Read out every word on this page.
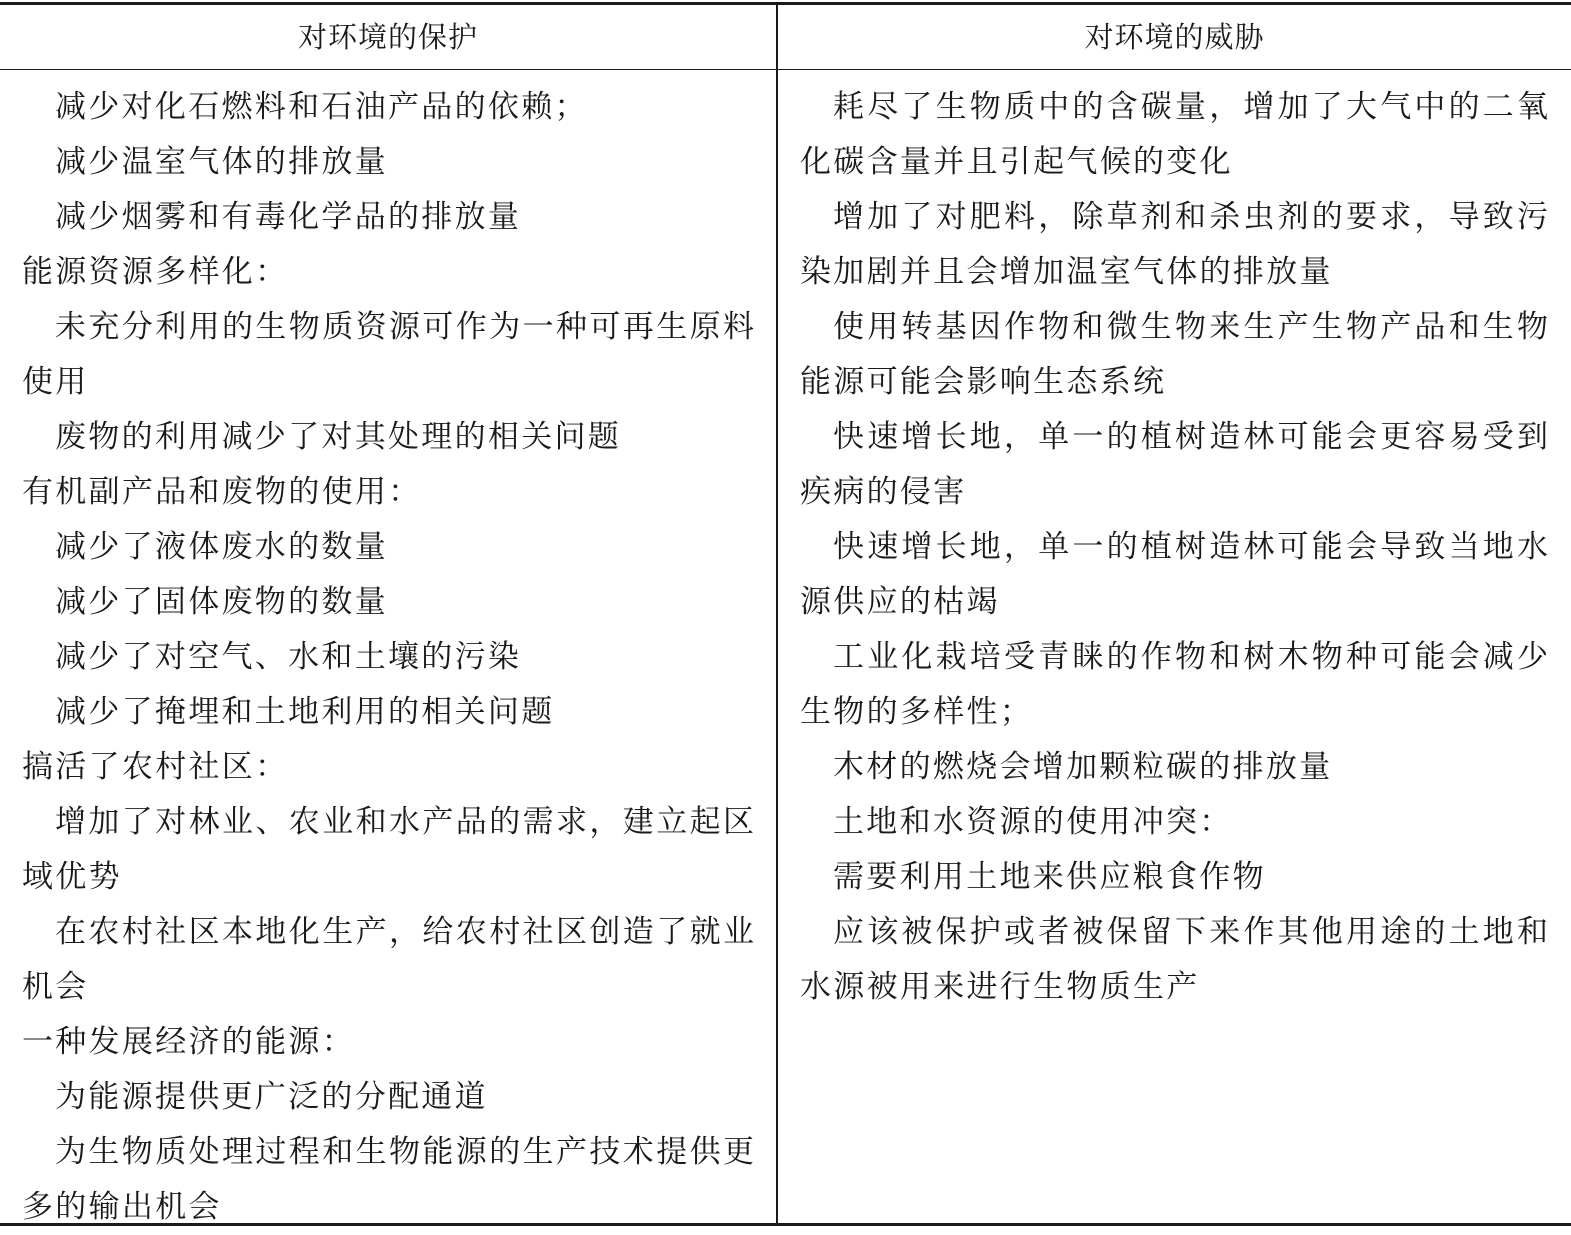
对环境的保护	对环境的威胁
减少对化石燃料和石油产品的依赖；
减少温室气体的排放量
减少烟雾和有毒化学品的排放量
能源资源多样化：
未充分利用的生物质资源可作为一种可再生原料
使用
废物的利用减少了对其处理的相关问题
有机副产品和废物的使用：
减少了液体废水的数量
减少了固体废物的数量
减少了对空气、水和土壤的污染
减少了掩埋和土地利用的相关问题
搞活了农村社区：
增加了对林业、农业和水产品的需求，建立起区
域优势
在农村社区本地化生产，给农村社区创造了就业
机会
一种发展经济的能源：
为能源提供更广泛的分配通道
为生物质处理过程和生物能源的生产技术提供更
多的输出机会
耗尽了生物质中的含碳量，增加了大气中的二氧
化碳含量并且引起气候的变化
增加了对肥料，除草剂和杀虫剂的要求，导致污
染加剧并且会增加温室气体的排放量
使用转基因作物和微生物来生产生物产品和生物
能源可能会影响生态系统
快速增长地，单一的植树造林可能会更容易受到
疾病的侵害
快速增长地，单一的植树造林可能会导致当地水
源供应的枯竭
工业化栽培受青睐的作物和树木物种可能会减少
生物的多样性；
木材的燃烧会增加颗粒碳的排放量
土地和水资源的使用冲突：
需要利用土地来供应粮食作物
应该被保护或者被保留下来作其他用途的土地和
水源被用来进行生物质生产
